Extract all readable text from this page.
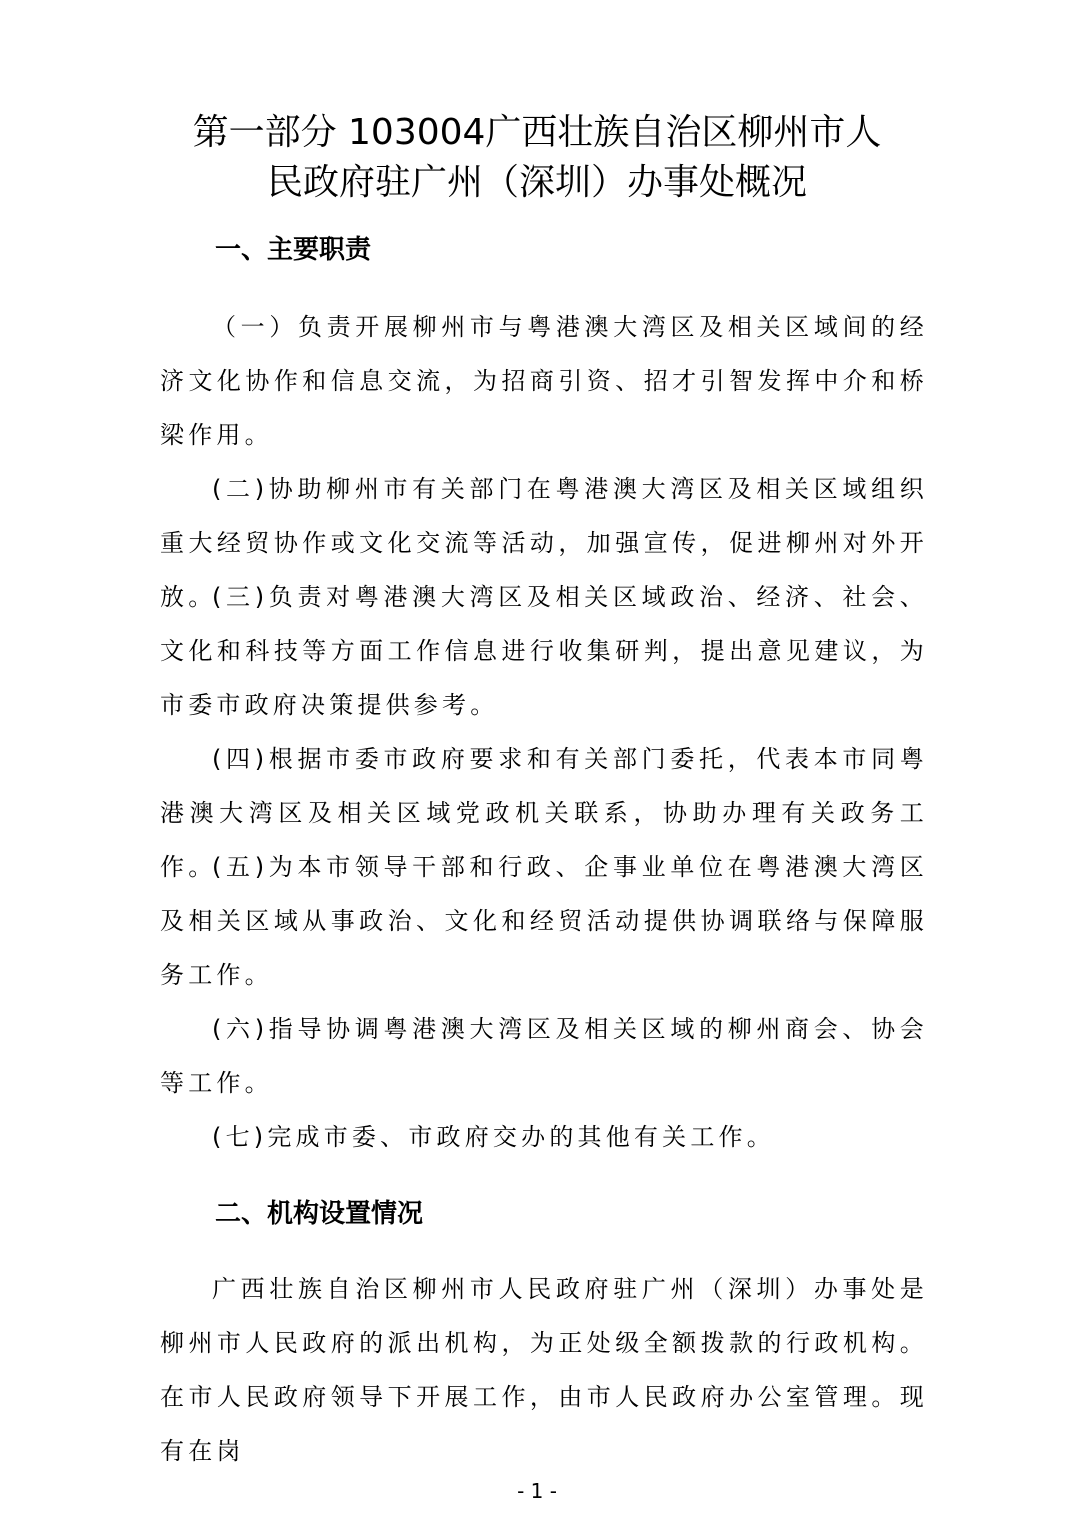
第一部分 103004广西壮族自治区柳州市人
民政府驻广州（深圳）办事处概况
一、主要职责

（一）负责开展柳州市与粤港澳大湾区及相关区域间的经济文化协作和信息交流，为招商引资、招才引智发挥中介和桥梁作用。

(二)协助柳州市有关部门在粤港澳大湾区及相关区域组织重大经贸协作或文化交流等活动，加强宣传，促进柳州对外开放。

(三)负责对粤港澳大湾区及相关区域政治、经济、社会、文化和科技等方面工作信息进行收集研判，提出意见建议，为市委市政府决策提供参考。

(四)根据市委市政府要求和有关部门委托，代表本市同粤港澳大湾区及相关区域党政机关联系，协助办理有关政务工作。

(五)为本市领导干部和行政、企事业单位在粤港澳大湾区及相关区域从事政治、文化和经贸活动提供协调联络与保障服务工作。

(六)指导协调粤港澳大湾区及相关区域的柳州商会、协会等工作。

(七)完成市委、市政府交办的其他有关工作。

二、机构设置情况

广西壮族自治区柳州市人民政府驻广州（深圳）办事处是柳州市人民政府的派出机构，为正处级全额拨款的行政机构。在市人民政府领导下开展工作，由市人民政府办公室管理。现有在岗

- 1 -
